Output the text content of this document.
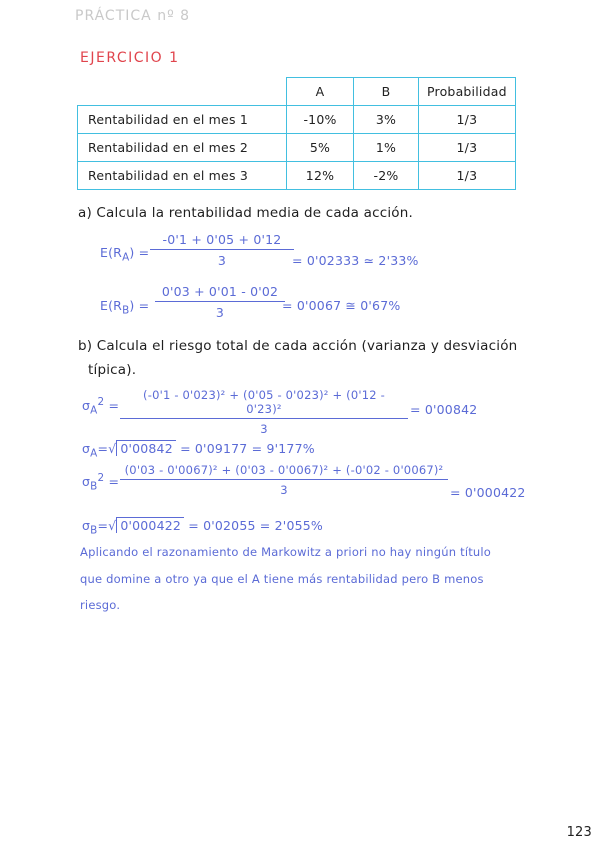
PRÁCTICA nº 8
EJERCICIO 1
	A	B	Probabilidad
Rentabilidad en el mes 1	-10%	3%	1/3
Rentabilidad en el mes 2	5%	1%	1/3
Rentabilidad en el mes 3	12%	-2%	1/3
a) Calcula la rentabilidad media de cada acción.
$E(R_A) = \frac{-0'1 + 0'05 + 0'12}{3}$
= 0'02333 ≃ 2'33%
$E(R_B) = \frac{0'03 + 0'01 - 0'02}{3}$
= 0'0067 ≅ 0'67%
b) Calcula el riesgo total de cada acción (varianza y desviación
típica).
$\sigma_A^2 = \frac{\text{(-0'1 - 0'023)² + (0'05 - 0'023)² + (0'12 - 0'23)²}}{3} = 0'00842$
$\sigma_A=√$ 0'00842 = 0'09177 = 9'177%
$\sigma_B^2 = \frac{\text{(0'03 - 0'0067)² + (0'03 - 0'0067)² + (-0'02 - 0'0067)²}}{3} = 0'000422$
$\sigma_B=√$ 0'000422 = 0'02055 = 2'055%
Aplicando el razonamiento de Markowitz a priori no hay ningún título
que domine a otro ya que el A tiene más rentabilidad pero B menos
riesgo.
123
